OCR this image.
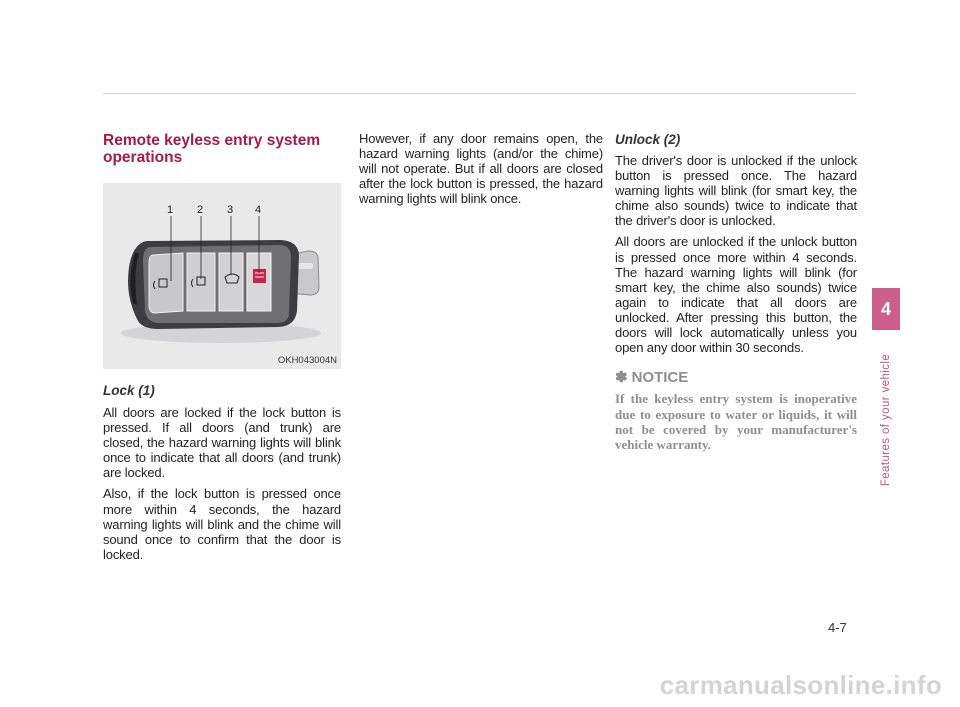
Remote keyless entry system operations
1 2 3 4
OKH043004N
Lock (1)

All doors are locked if the lock button is pressed. If all doors (and trunk) are closed, the hazard warning lights will blink once to indicate that all doors (and trunk) are locked.

Also, if the lock button is pressed once more within 4 seconds, the hazard warning lights will blink and the chime will sound once to confirm that the door is locked.

However, if any door remains open, the hazard warning lights (and/or the chime) will not operate. But if all doors are closed after the lock button is pressed, the hazard warning lights will blink once.

Unlock (2)

The driver's door is unlocked if the unlock button is pressed once. The hazard warning lights will blink (for smart key, the chime also sounds) twice to indicate that the driver's door is unlocked.

All doors are unlocked if the unlock button is pressed once more within 4 seconds. The hazard warning lights will blink (for smart key, the chime also sounds) twice again to indicate that all doors are unlocked. After pressing this button, the doors will lock automatically unless you open any door within 30 seconds.

✽ NOTICE

If the keyless entry system is inoperative due to exposure to water or liquids, it will not be covered by your manufacturer's vehicle warranty.

4
Features of your vehicle
4-7
carmanualsonline.info
